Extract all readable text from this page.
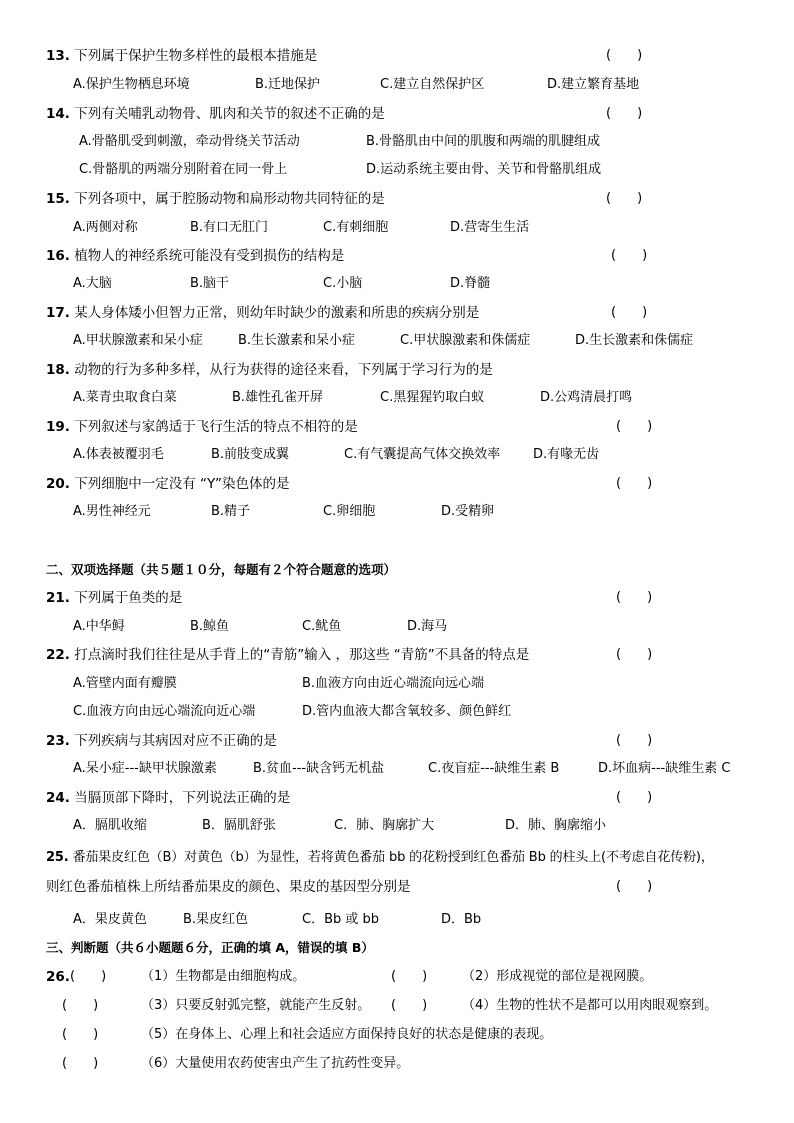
13. 下列属于保护生物多样性的最根本措施是	(　　)
A.保护生物栖息环境	B.迁地保护	C.建立自然保护区	D.建立繁育基地
14. 下列有关哺乳动物骨、肌肉和关节的叙述不正确的是	(　　)
A.骨骼肌受到刺激，牵动骨绕关节活动	B.骨骼肌由中间的肌腹和两端的肌腱组成
C.骨骼肌的两端分别附着在同一骨上	D.运动系统主要由骨、关节和骨骼肌组成
15. 下列各项中，属于腔肠动物和扁形动物共同特征的是	(　　)
A.两侧对称	B.有口无肛门	C.有刺细胞	D.营寄生生活
16. 植物人的神经系统可能没有受到损伤的结构是	(　　)
A.大脑	B.脑干	C.小脑	D.脊髓
17. 某人身体矮小但智力正常，则幼年时缺少的激素和所患的疾病分别是	(　　)
A.甲状腺激素和呆小症	B.生长激素和呆小症	C.甲状腺激素和侏儒症	D.生长激素和侏儒症
18. 动物的行为多种多样，从行为获得的途径来看，下列属于学习行为的是
A.菜青虫取食白菜	B.雄性孔雀开屏	C.黑猩猩钓取白蚁	D.公鸡清晨打鸣
19. 下列叙述与家鸽适于飞行生活的特点不相符的是	(　　)
A.体表被覆羽毛	B.前肢变成翼	C.有气囊提高气体交换效率	D.有喙无齿
20. 下列细胞中一定没有 “Y”染色体的是	(　　)
A.男性神经元	B.精子	C.卵细胞	D.受精卵
二、双项选择题（共５题１０分，每题有２个符合题意的选项）
21. 下列属于鱼类的是	(　　)
A.中华鲟	B.鲸鱼	C.鱿鱼	D.海马
22. 打点滴时我们往往是从手背上的“青筋”输入 ，那这些 “青筋”不具备的特点是	(　　)
A.管壁内面有瓣膜	B.血液方向由近心端流向远心端
C.血液方向由远心端流向近心端	D.管内血液大都含氧较多、颜色鲜红
23. 下列疾病与其病因对应不正确的是	(　　)
A.呆小症---缺甲状腺激素	B.贫血---缺含钙无机盐	C.夜盲症---缺维生素 B	D.坏血病---缺维生素 C
24. 当膈顶部下降时，下列说法正确的是	(　　)
A．膈肌收缩	B．膈肌舒张	C．肺、胸廓扩大	D．肺、胸廓缩小
25. 番茄果皮红色（B）对黄色（b）为显性，若将黄色番茄 bb 的花粉授到红色番茄 Bb 的柱头上(不考虑自花传粉)，
则红色番茄植株上所结番茄果皮的颜色、果皮的基因型分别是	(　　)
A．果皮黄色	B.果皮红色	C．Bb 或 bb	D．Bb
三、判断题（共６小题题６分，正确的填 A，错误的填 B）
26. (　　)	（1）生物都是由细胞构成。	(　　)	（2）形成视觉的部位是视网膜。
(　　)	（3）只要反射弧完整，就能产生反射。 (　　)	（4）生物的性状不是都可以用肉眼观察到。
(　　)	（5）在身体上、心理上和社会适应方面保持良好的状态是健康的表现。
(　　)	（6）大量使用农药使害虫产生了抗药性变异。
